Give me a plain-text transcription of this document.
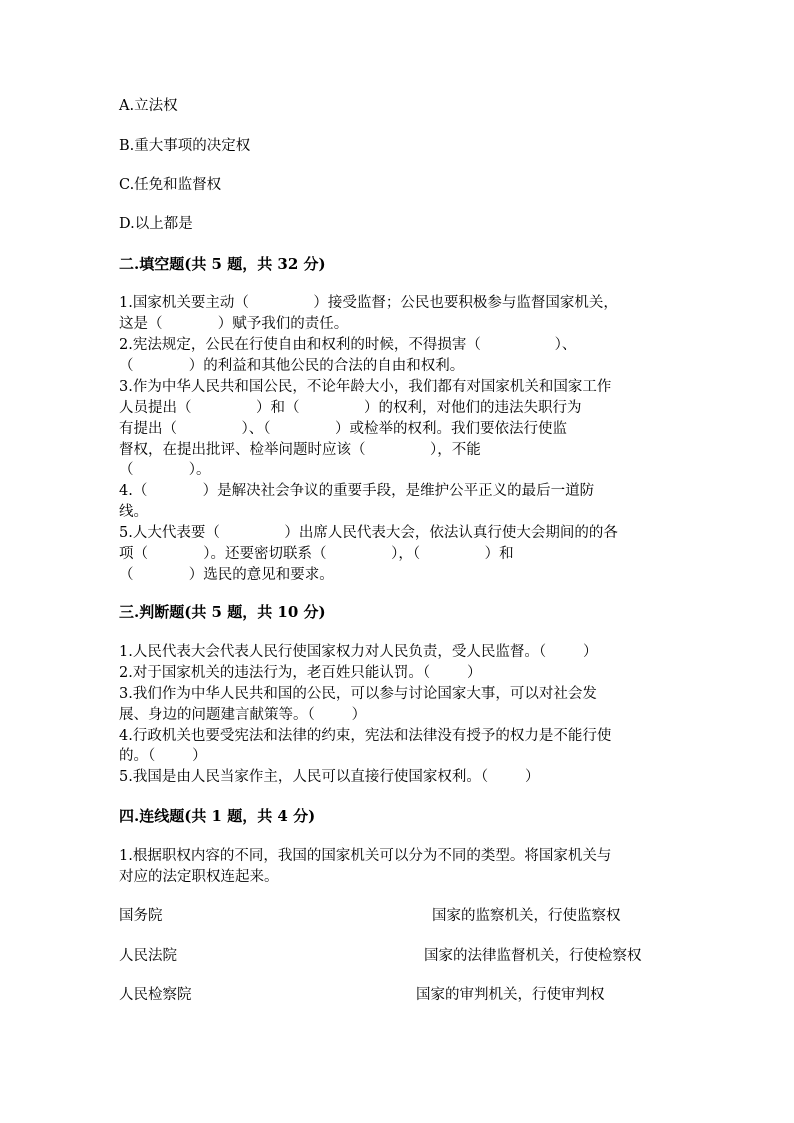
A.立法权
B.重大事项的决定权
C.任免和监督权
D.以上都是
二.填空题(共 5 题，共 32 分)
1.国家机关要主动（              ）接受监督；公民也要积极参与监督国家机关，
这是（            ）赋予我们的责任。
2.宪法规定，公民在行使自由和权利的时候，不得损害（                ）、
（            ）的利益和其他公民的合法的自由和权利。
3.作为中华人民共和国公民，不论年龄大小，我们都有对国家机关和国家工作
人员提出（              ）和（              ）的权利，对他们的违法失职行为
有提出（              ）、（              ）或检举的权利。我们要依法行使监
督权，在提出批评、检举问题时应该（              ），不能
（            ）。
4.（            ）是解决社会争议的重要手段，是维护公平正义的最后一道防
线。
5.人大代表要（              ）出席人民代表大会，依法认真行使大会期间的的各
项（            ）。还要密切联系（              ），（              ）和
（            ）选民的意见和要求。
三.判断题(共 5 题，共 10 分)
1.人民代表大会代表人民行使国家权力对人民负责，受人民监督。（        ）
2.对于国家机关的违法行为，老百姓只能认罚。（        ）
3.我们作为中华人民共和国的公民，可以参与讨论国家大事，可以对社会发
展、身边的问题建言献策等。（        ）
4.行政机关也要受宪法和法律的约束，宪法和法律没有授予的权力是不能行使
的。（        ）
5.我国是由人民当家作主，人民可以直接行使国家权利。（        ）
四.连线题(共 1 题，共 4 分)
1.根据职权内容的不同，我国的国家机关可以分为不同的类型。将国家机关与
对应的法定职权连起来。
国务院
人民法院
人民检察院
国家的监察机关，行使监察权
国家的法律监督机关，行使检察权
国家的审判机关，行使审判权
